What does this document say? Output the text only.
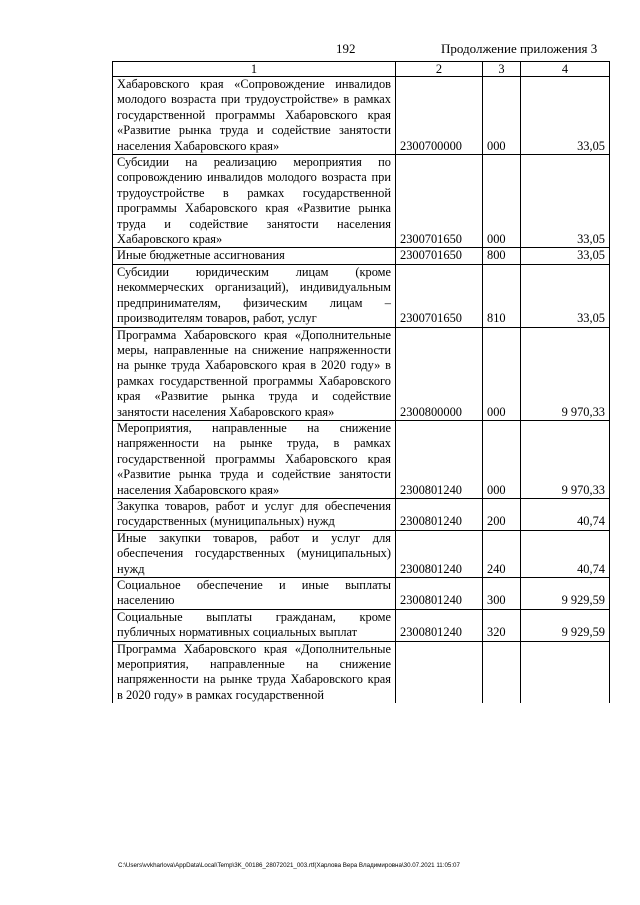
192	Продолжение приложения 3
1	2	3	4
Хабаровского края «Сопровождение инвалидов молодого возраста при трудоустройстве» в рамках государственной программы Хабаровского края «Развитие рынка труда и содействие занятости населения Хабаровского края»	2300700000	000	33,05
Субсидии на реализацию мероприятия по сопровождению инвалидов молодого возраста при трудоустройстве в рамках государственной программы Хабаровского края «Развитие рынка труда и содействие занятости населения Хабаровского края»	2300701650	000	33,05
Иные бюджетные ассигнования	2300701650	800	33,05
Субсидии юридическим лицам (кроме некоммерческих организаций), индивидуальным предпринимателям, физическим лицам – производителям товаров, работ, услуг	2300701650	810	33,05
Программа Хабаровского края «Дополнительные меры, направленные на снижение напряженности на рынке труда Хабаровского края в 2020 году» в рамках государственной программы Хабаровского края «Развитие рынка труда и содействие занятости населения Хабаровского края»	2300800000	000	9 970,33
Мероприятия, направленные на снижение напряженности на рынке труда, в рамках государственной программы Хабаровского края «Развитие рынка труда и содействие занятости населения Хабаровского края»	2300801240	000	9 970,33
Закупка товаров, работ и услуг для обеспечения государственных (муниципальных) нужд	2300801240	200	40,74
Иные закупки товаров, работ и услуг для обеспечения государственных (муниципальных) нужд	2300801240	240	40,74
Социальное обеспечение и иные выплаты населению	2300801240	300	9 929,59
Социальные выплаты гражданам, кроме публичных нормативных социальных выплат	2300801240	320	9 929,59
Программа Хабаровского края «Дополнительные мероприятия, направленные на снижение напряженности на рынке труда Хабаровского края в 2020 году» в рамках государственной			
C:\Users\vvkharlova\AppData\Local\Temp\3K_00186_28072021_003.rtf(Харлова Вера Владимировна\30.07.2021 11:05:07
